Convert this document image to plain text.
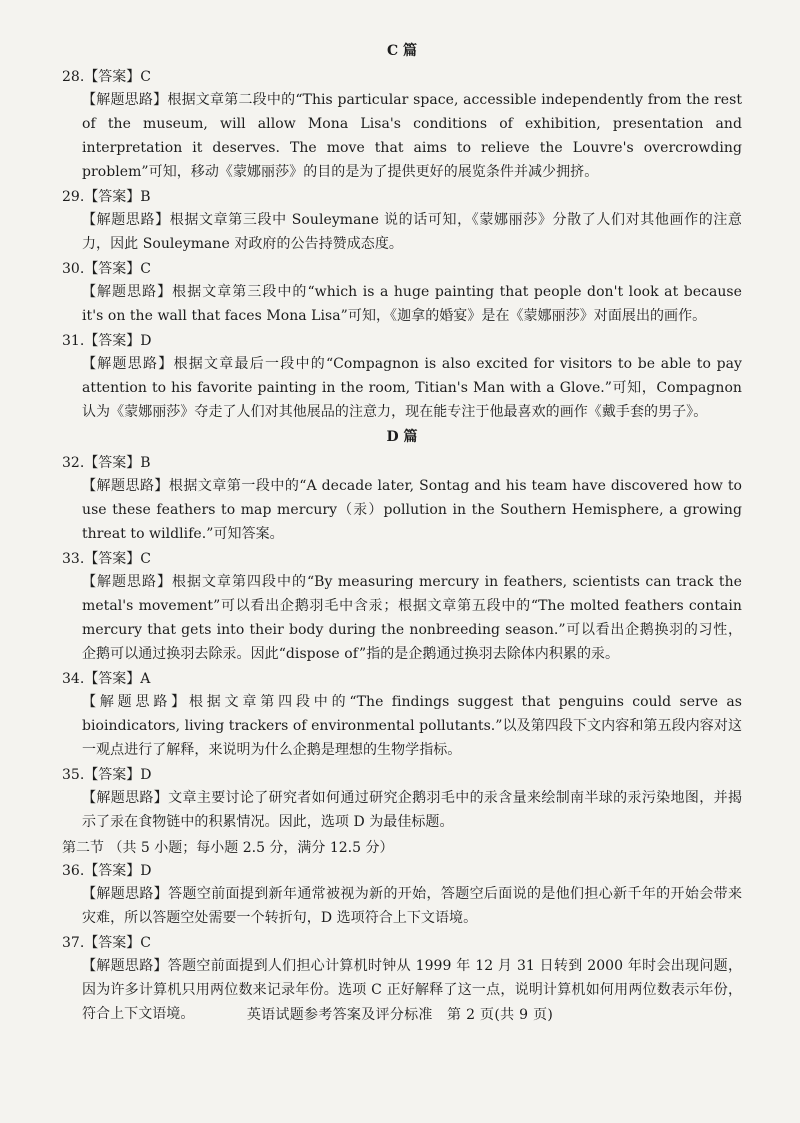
C 篇

28.【答案】C

【解题思路】根据文章第二段中的“This particular space, accessible independently from the rest of the museum, will allow Mona Lisa's conditions of exhibition, presentation and interpretation it deserves. The move that aims to relieve the Louvre's overcrowding problem”可知，移动《蒙娜丽莎》的目的是为了提供更好的展览条件并减少拥挤。

29.【答案】B

【解题思路】根据文章第三段中 Souleymane 说的话可知，《蒙娜丽莎》分散了人们对其他画作的注意力，因此 Souleymane 对政府的公告持赞成态度。

30.【答案】C

【解题思路】根据文章第三段中的“which is a huge painting that people don't look at because it's on the wall that faces Mona Lisa”可知，《迦拿的婚宴》是在《蒙娜丽莎》对面展出的画作。

31.【答案】D

【解题思路】根据文章最后一段中的“Compagnon is also excited for visitors to be able to pay attention to his favorite painting in the room, Titian's Man with a Glove.”可知，Compagnon 认为《蒙娜丽莎》夺走了人们对其他展品的注意力，现在能专注于他最喜欢的画作《戴手套的男子》。

D 篇

32.【答案】B

【解题思路】根据文章第一段中的“A decade later, Sontag and his team have discovered how to use these feathers to map mercury（汞）pollution in the Southern Hemisphere, a growing threat to wildlife.”可知答案。

33.【答案】C

【解题思路】根据文章第四段中的“By measuring mercury in feathers, scientists can track the metal's movement”可以看出企鹅羽毛中含汞；根据文章第五段中的“The molted feathers contain mercury that gets into their body during the nonbreeding season.”可以看出企鹅换羽的习性，企鹅可以通过换羽去除汞。因此“dispose of”指的是企鹅通过换羽去除体内积累的汞。

34.【答案】A

【解题思路】根据文章第四段中的“The findings suggest that penguins could serve as bioindicators, living trackers of environmental pollutants.”以及第四段下文内容和第五段内容对这一观点进行了解释，来说明为什么企鹅是理想的生物学指标。

35.【答案】D

【解题思路】文章主要讨论了研究者如何通过研究企鹅羽毛中的汞含量来绘制南半球的汞污染地图，并揭示了汞在食物链中的积累情况。因此，选项 D 为最佳标题。

第二节 （共 5 小题；每小题 2.5 分，满分 12.5 分）

36.【答案】D

【解题思路】答题空前面提到新年通常被视为新的开始，答题空后面说的是他们担心新千年的开始会带来灾难，所以答题空处需要一个转折句，D 选项符合上下文语境。

37.【答案】C

【解题思路】答题空前面提到人们担心计算机时钟从 1999 年 12 月 31 日转到 2000 年时会出现问题，因为许多计算机只用两位数来记录年份。选项 C 正好解释了这一点，说明计算机如何用两位数表示年份，符合上下文语境。	英语试题参考答案及评分标准　第 2 页(共 9 页)
